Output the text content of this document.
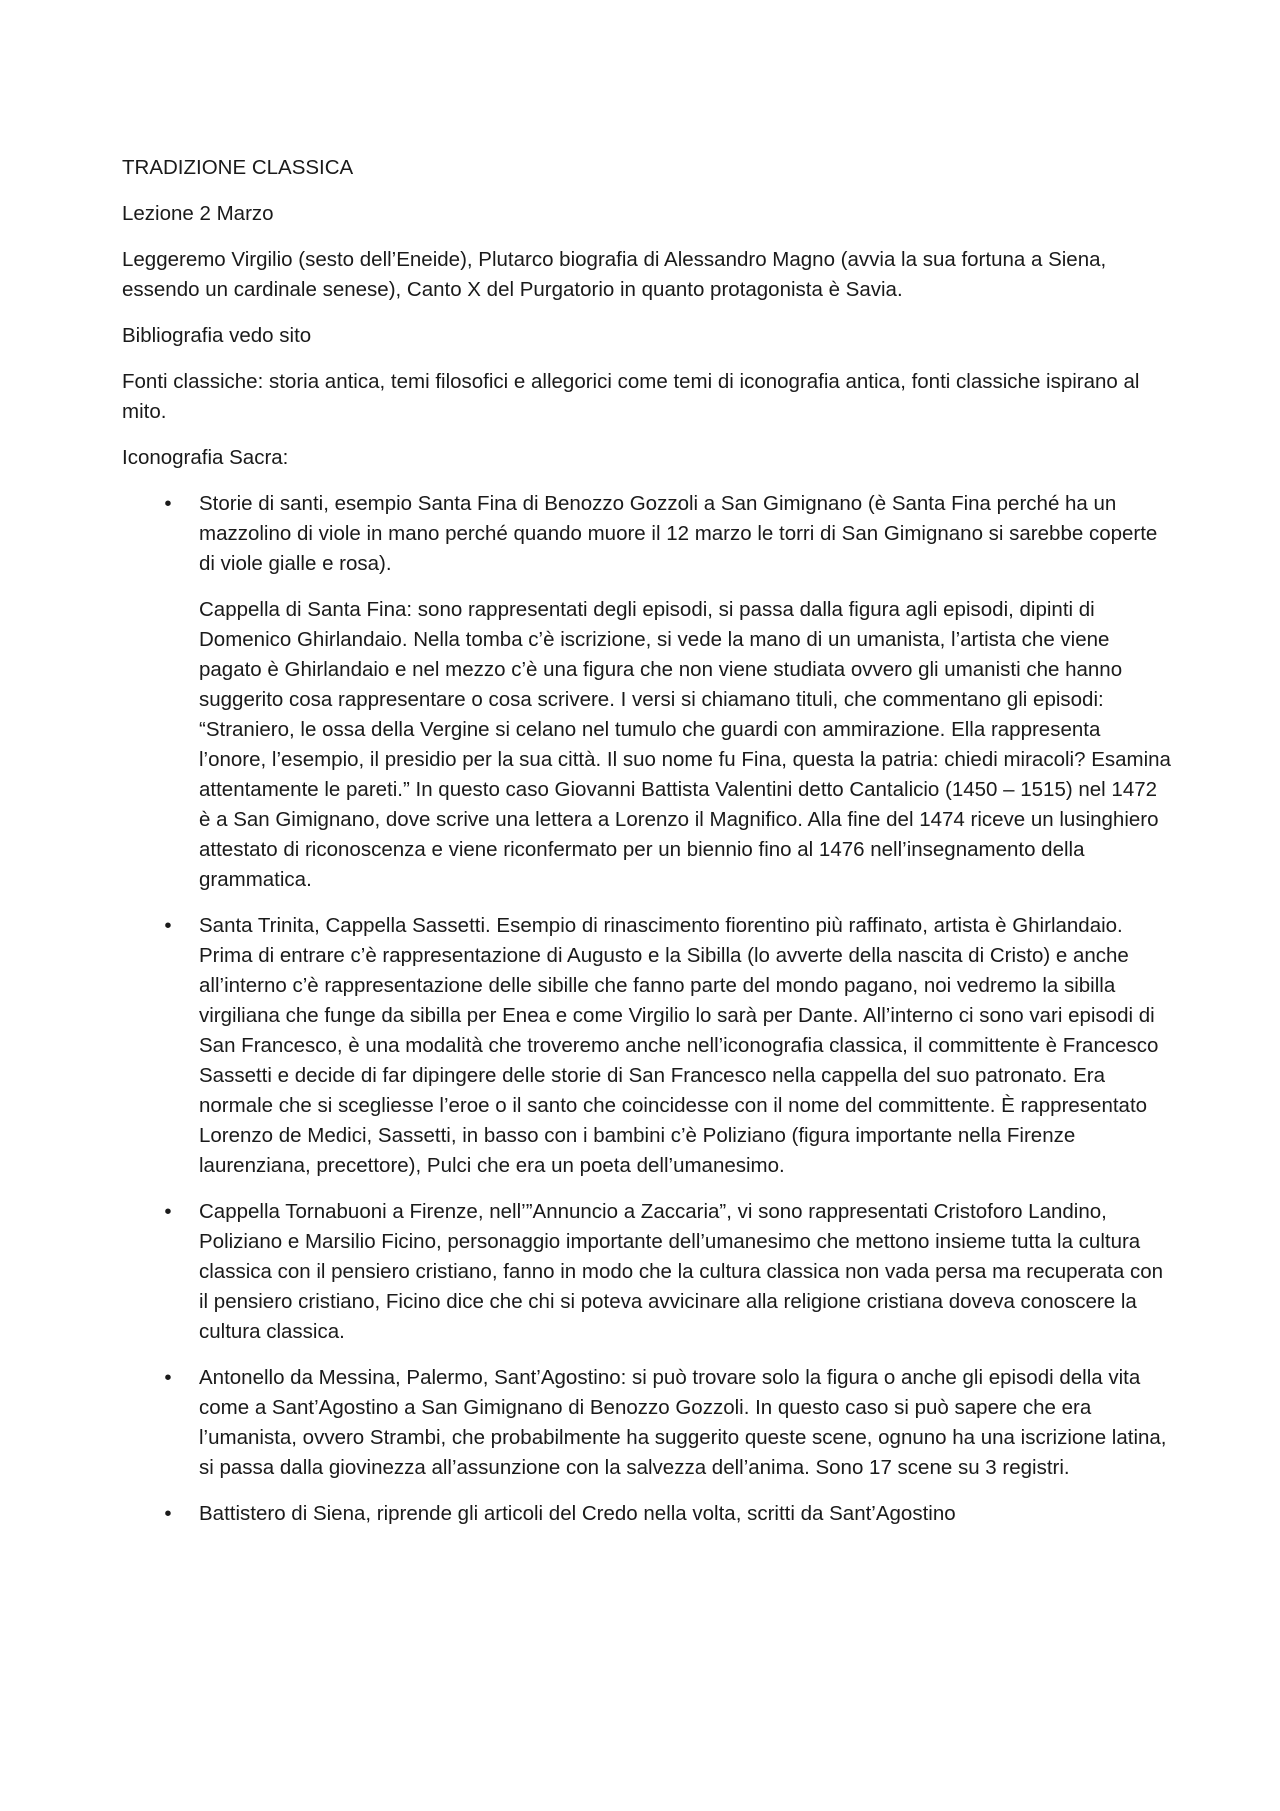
TRADIZIONE CLASSICA

Lezione 2 Marzo

Leggeremo Virgilio (sesto dell’Eneide), Plutarco biografia di Alessandro Magno (avvia la sua fortuna a Siena, essendo un cardinale senese), Canto X del Purgatorio in quanto protagonista è Savia.

Bibliografia vedo sito

Fonti classiche: storia antica, temi filosofici e allegorici come temi di iconografia antica, fonti classiche ispirano al mito.

Iconografia Sacra:

• Storie di santi, esempio Santa Fina di Benozzo Gozzoli a San Gimignano (è Santa Fina perché ha un mazzolino di viole in mano perché quando muore il 12 marzo le torri di San Gimignano si sarebbe coperte di viole gialle e rosa).

Cappella di Santa Fina: sono rappresentati degli episodi, si passa dalla figura agli episodi, dipinti di Domenico Ghirlandaio. Nella tomba c’è iscrizione, si vede la mano di un umanista, l’artista che viene pagato è Ghirlandaio e nel mezzo c’è una figura che non viene studiata ovvero gli umanisti che hanno suggerito cosa rappresentare o cosa scrivere. I versi si chiamano tituli, che commentano gli episodi: “Straniero, le ossa della Vergine si celano nel tumulo che guardi con ammirazione. Ella rappresenta l’onore, l’esempio, il presidio per la sua città. Il suo nome fu Fina, questa la patria: chiedi miracoli? Esamina attentamente le pareti.” In questo caso Giovanni Battista Valentini detto Cantalicio (1450 – 1515) nel 1472 è a San Gimignano, dove scrive una lettera a Lorenzo il Magnifico. Alla fine del 1474 riceve un lusinghiero attestato di riconoscenza e viene riconfermato per un biennio fino al 1476 nell’insegnamento della grammatica.

• Santa Trinita, Cappella Sassetti. Esempio di rinascimento fiorentino più raffinato, artista è Ghirlandaio. Prima di entrare c’è rappresentazione di Augusto e la Sibilla (lo avverte della nascita di Cristo) e anche all’interno c’è rappresentazione delle sibille che fanno parte del mondo pagano, noi vedremo la sibilla virgiliana che funge da sibilla per Enea e come Virgilio lo sarà per Dante. All’interno ci sono vari episodi di San Francesco, è una modalità che troveremo anche nell’iconografia classica, il committente è Francesco Sassetti e decide di far dipingere delle storie di San Francesco nella cappella del suo patronato. Era normale che si scegliesse l’eroe o il santo che coincidesse con il nome del committente. È rappresentato Lorenzo de Medici, Sassetti, in basso con i bambini c’è Poliziano (figura importante nella Firenze laurenziana, precettore), Pulci che era un poeta dell’umanesimo.

• Cappella Tornabuoni a Firenze, nell’”Annuncio a Zaccaria”, vi sono rappresentati Cristoforo Landino, Poliziano e Marsilio Ficino, personaggio importante dell’umanesimo che mettono insieme tutta la cultura classica con il pensiero cristiano, fanno in modo che la cultura classica non vada persa ma recuperata con il pensiero cristiano, Ficino dice che chi si poteva avvicinare alla religione cristiana doveva conoscere la cultura classica.

• Antonello da Messina, Palermo, Sant’Agostino: si può trovare solo la figura o anche gli episodi della vita come a Sant’Agostino a San Gimignano di Benozzo Gozzoli. In questo caso si può sapere che era l’umanista, ovvero Strambi, che probabilmente ha suggerito queste scene, ognuno ha una iscrizione latina, si passa dalla giovinezza all’assunzione con la salvezza dell’anima. Sono 17 scene su 3 registri.

• Battistero di Siena, riprende gli articoli del Credo nella volta, scritti da Sant’Agostino
